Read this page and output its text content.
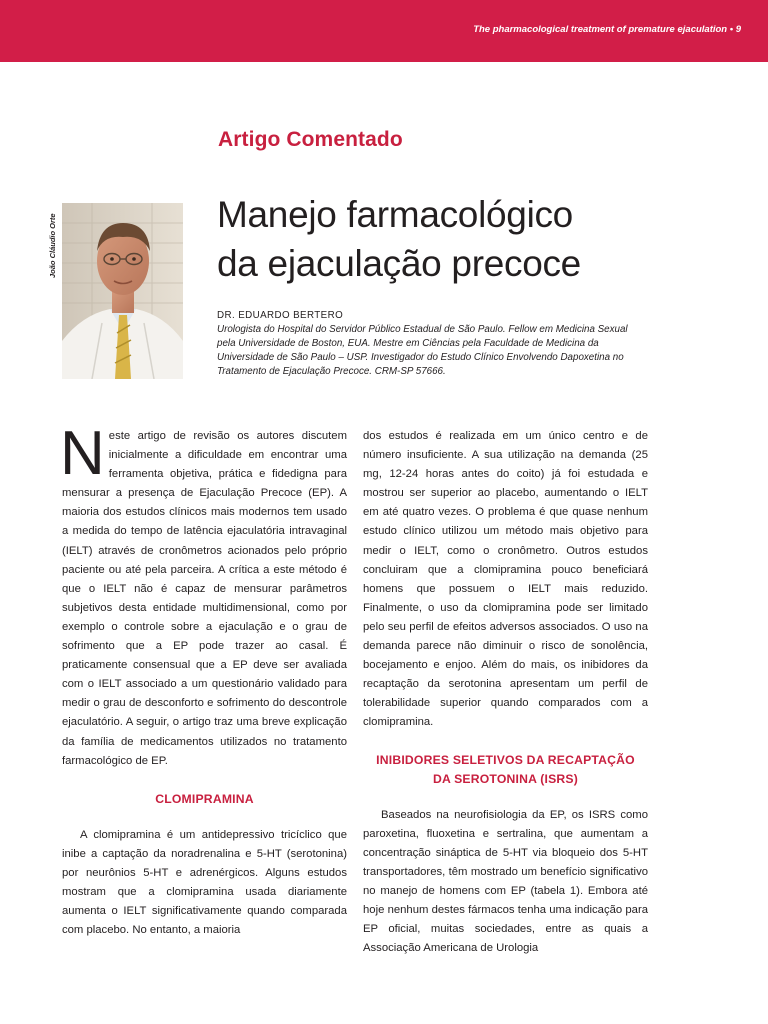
The pharmacological treatment of premature ejaculation • 9
Artigo Comentado
Manejo farmacológico
da ejaculação precoce
João Cláudio Orte
DR. EDUARDO BERTERO
Urologista do Hospital do Servidor Público Estadual de São Paulo. Fellow em Medicina Sexual pela Universidade de Boston, EUA. Mestre em Ciências pela Faculdade de Medicina da Universidade de São Paulo – USP. Investigador do Estudo Clínico Envolvendo Dapoxetina no Tratamento de Ejaculação Precoce. CRM-SP 57666.
N este artigo de revisão os autores discutem inicialmente a dificuldade em encontrar uma ferramenta objetiva, prática e fidedigna para mensurar a presença de Ejaculação Precoce (EP). A maioria dos estudos clínicos mais modernos tem usado a medida do tempo de latência ejaculatória intravaginal (IELT) através de cronômetros acionados pelo próprio paciente ou até pela parceira. A crítica a este método é que o IELT não é capaz de mensurar parâmetros subjetivos desta entidade multidimensional, como por exemplo o controle sobre a ejaculação e o grau de sofrimento que a EP pode trazer ao casal. É praticamente consensual que a EP deve ser avaliada com o IELT associado a um questionário validado para medir o grau de desconforto e sofrimento do descontrole ejaculatório. A seguir, o artigo traz uma breve explicação da família de medicamentos utilizados no tratamento farmacológico de EP.
CLOMIPRAMINA

A clomipramina é um antidepressivo tricíclico que inibe a captação da noradrenalina e 5-HT (serotonina) por neurônios 5-HT e adrenérgicos. Alguns estudos mostram que a clomipramina usada diariamente aumenta o IELT significativamente quando comparada com placebo. No entanto, a maioria

dos estudos é realizada em um único centro e de número insuficiente. A sua utilização na demanda (25 mg, 12-24 horas antes do coito) já foi estudada e mostrou ser superior ao placebo, aumentando o IELT em até quatro vezes. O problema é que quase nenhum estudo clínico utilizou um método mais objetivo para medir o IELT, como o cronômetro. Outros estudos concluiram que a clomipramina pouco beneficiará homens que possuem o IELT mais reduzido. Finalmente, o uso da clomipramina pode ser limitado pelo seu perfil de efeitos adversos associados. O uso na demanda parece não diminuir o risco de sonolência, bocejamento e enjoo. Além do mais, os inibidores da recaptação da serotonina apresentam um perfil de tolerabilidade superior quando comparados com a clomipramina.

INIBIDORES SELETIVOS DA RECAPTAÇÃO
DA SEROTONINA (ISRS)

Baseados na neurofisiologia da EP, os ISRS como paroxetina, fluoxetina e sertralina, que aumentam a concentração sináptica de 5-HT via bloqueio dos 5-HT transportadores, têm mostrado um benefício significativo no manejo de homens com EP (tabela 1). Embora até hoje nenhum destes fármacos tenha uma indicação para EP oficial, muitas sociedades, entre as quais a Associação Americana de Urologia
